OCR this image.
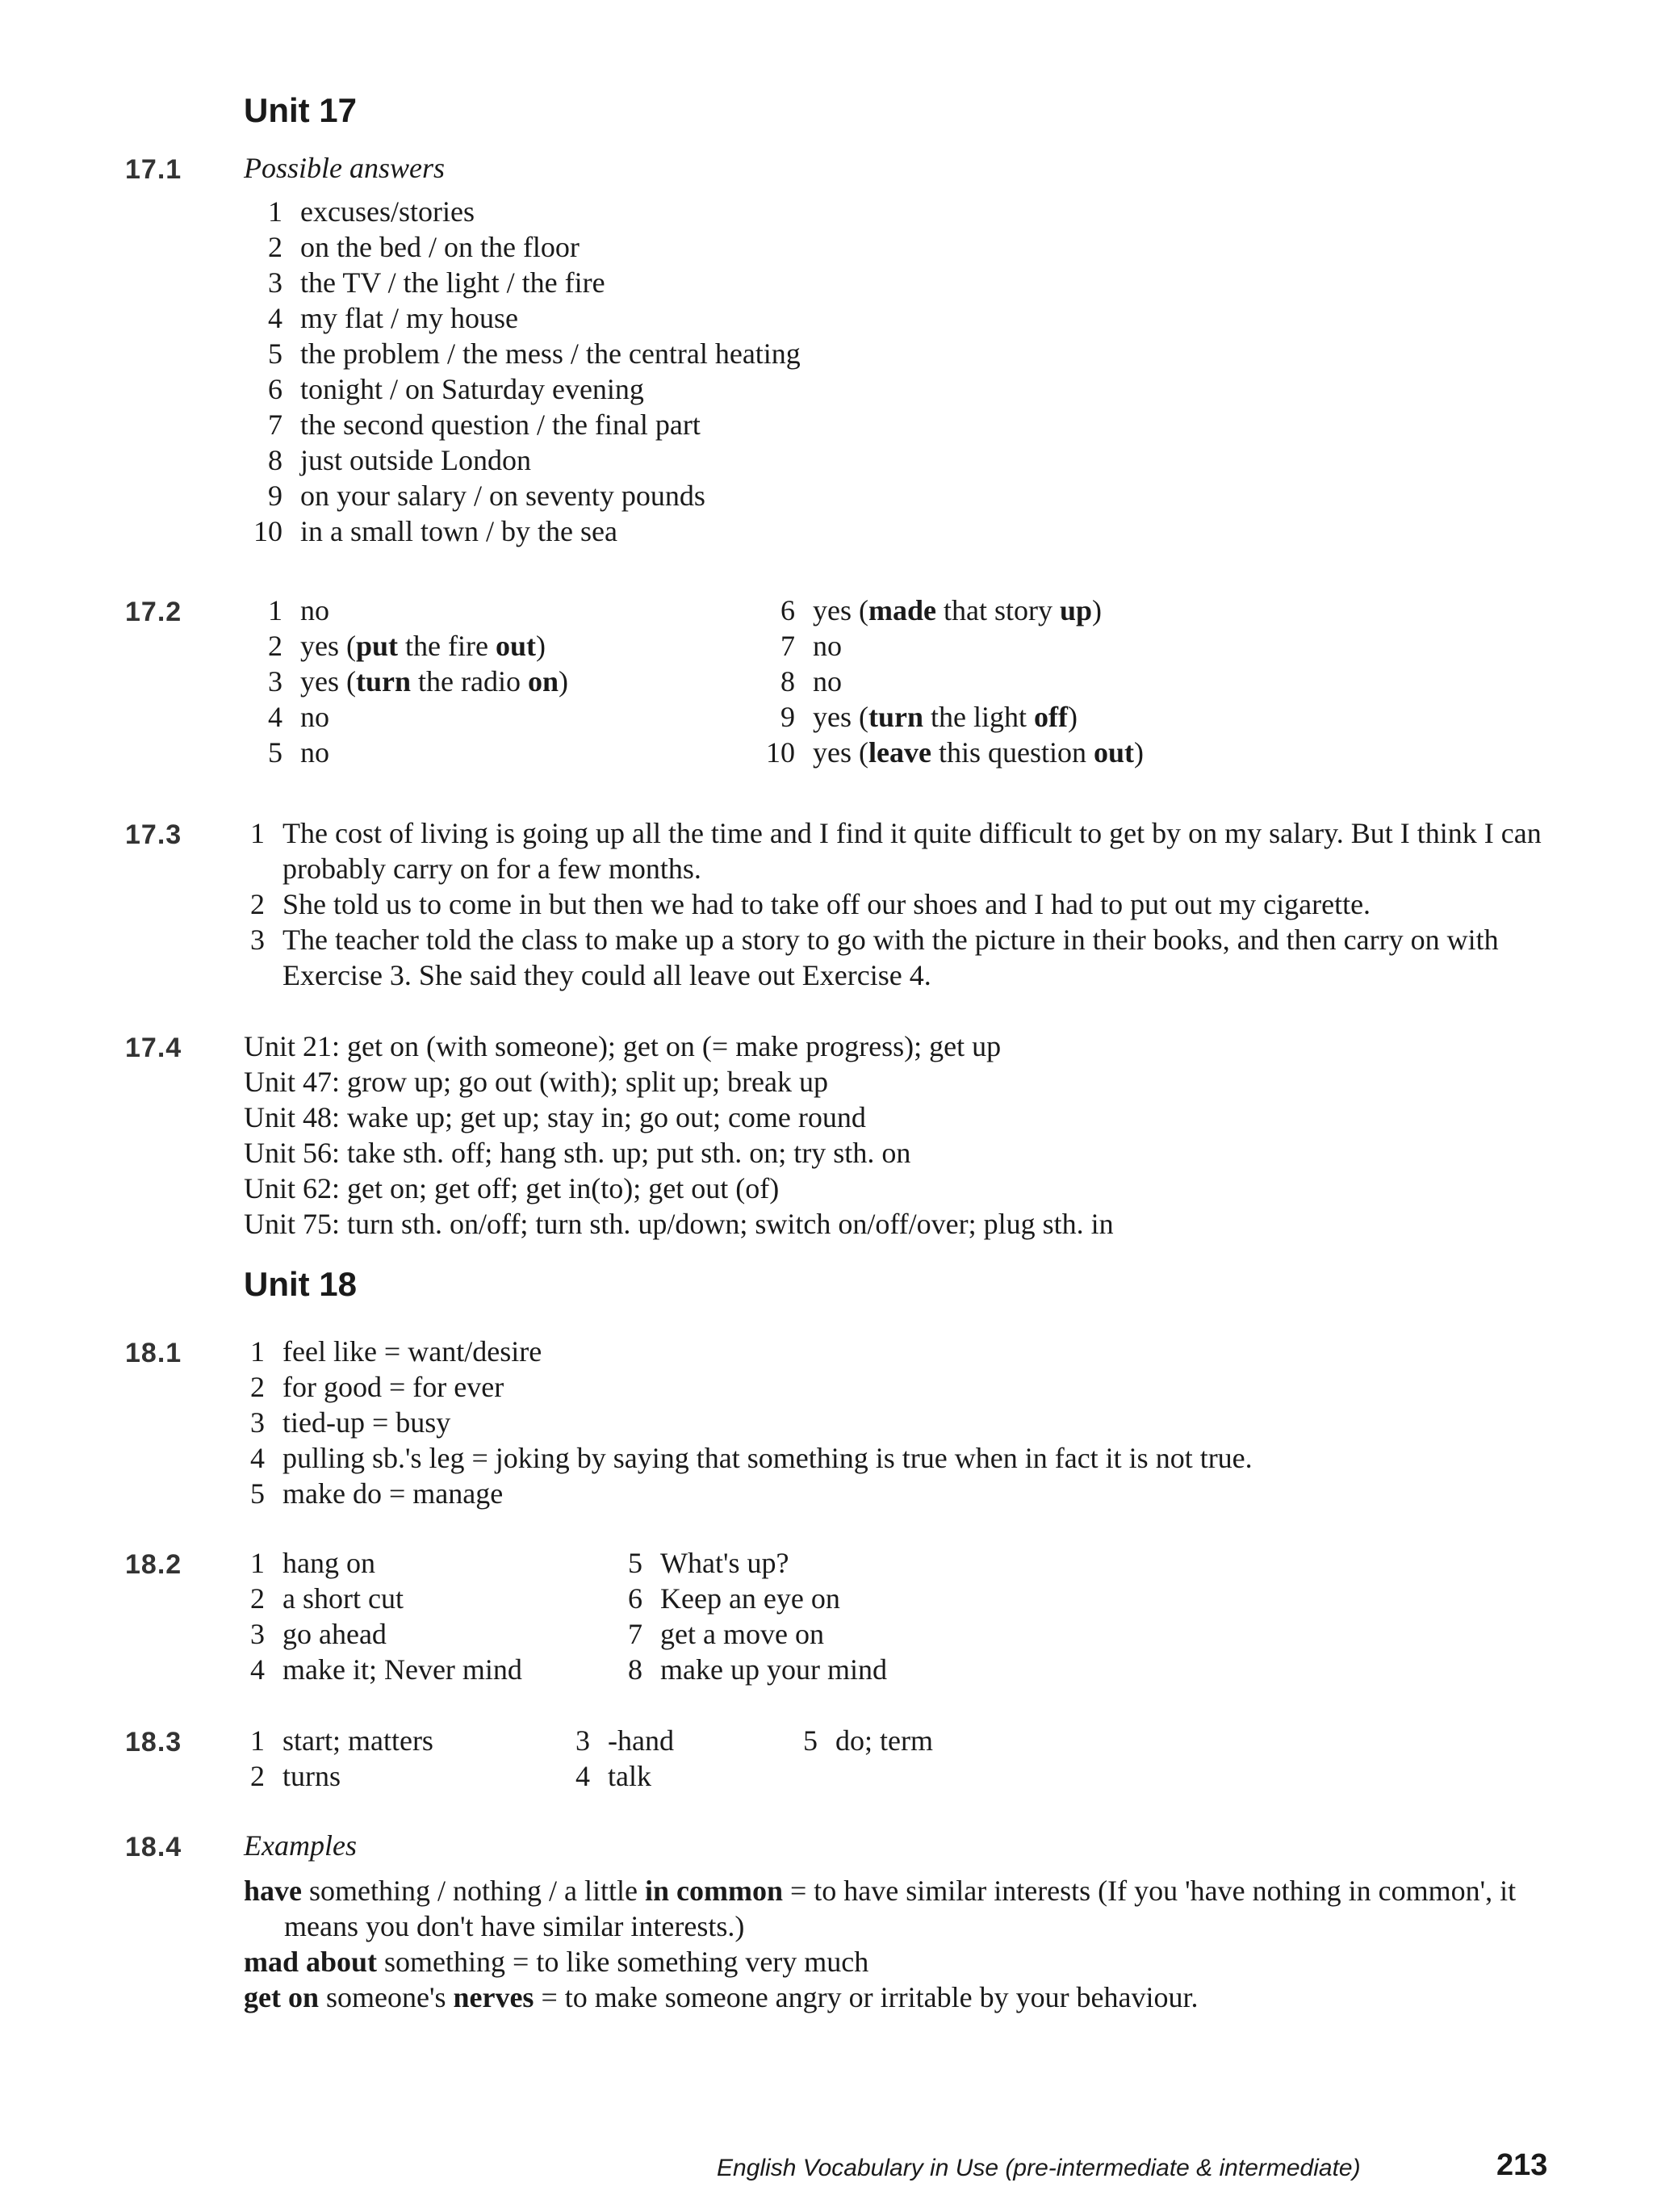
Unit 17
17.1 Possible answers
1 excuses/stories
2 on the bed / on the floor
3 the TV / the light / the fire
4 my flat / my house
5 the problem / the mess / the central heating
6 tonight / on Saturday evening
7 the second question / the final part
8 just outside London
9 on your salary / on seventy pounds
10 in a small town / by the sea
17.2	1 no
2 yes (put the fire out)
3 yes (turn the radio on)
4 no
5 no
6 yes (made that story up)
7 no
8 no
9 yes (turn the light off)
10 yes (leave this question out)
17.3 1 The cost of living is going up all the time and I find it quite difficult to get by on my salary. But I think I can probably carry on for a few months.
2 She told us to come in but then we had to take off our shoes and I had to put out my cigarette.
3 The teacher told the class to make up a story to go with the picture in their books, and then carry on with Exercise 3. She said they could all leave out Exercise 4.
17.4 Unit 21: get on (with someone); get on (= make progress); get up
Unit 47: grow up; go out (with); split up; break up
Unit 48: wake up; get up; stay in; go out; come round
Unit 56: take sth. off; hang sth. up; put sth. on; try sth. on
Unit 62: get on; get off; get in(to); get out (of)
Unit 75: turn sth. on/off; turn sth. up/down; switch on/off/over; plug sth. in
Unit 18
18.1 1 feel like = want/desire
2 for good = for ever
3 tied-up = busy
4 pulling sb.'s leg = joking by saying that something is true when in fact it is not true.
5 make do = manage
18.2 1 hang on
2 a short cut
3 go ahead
4 make it; Never mind
5 What's up?
6 Keep an eye on
7 get a move on
8 make up your mind
18.3 1 start; matters
2 turns
3 -hand
4 talk
5 do; term
18.4 Examples
have something / nothing / a little in common = to have similar interests (If you 'have nothing in common', it means you don't have similar interests.)
mad about something = to like something very much
get on someone's nerves = to make someone angry or irritable by your behaviour.
English Vocabulary in Use (pre-intermediate & intermediate)	213
